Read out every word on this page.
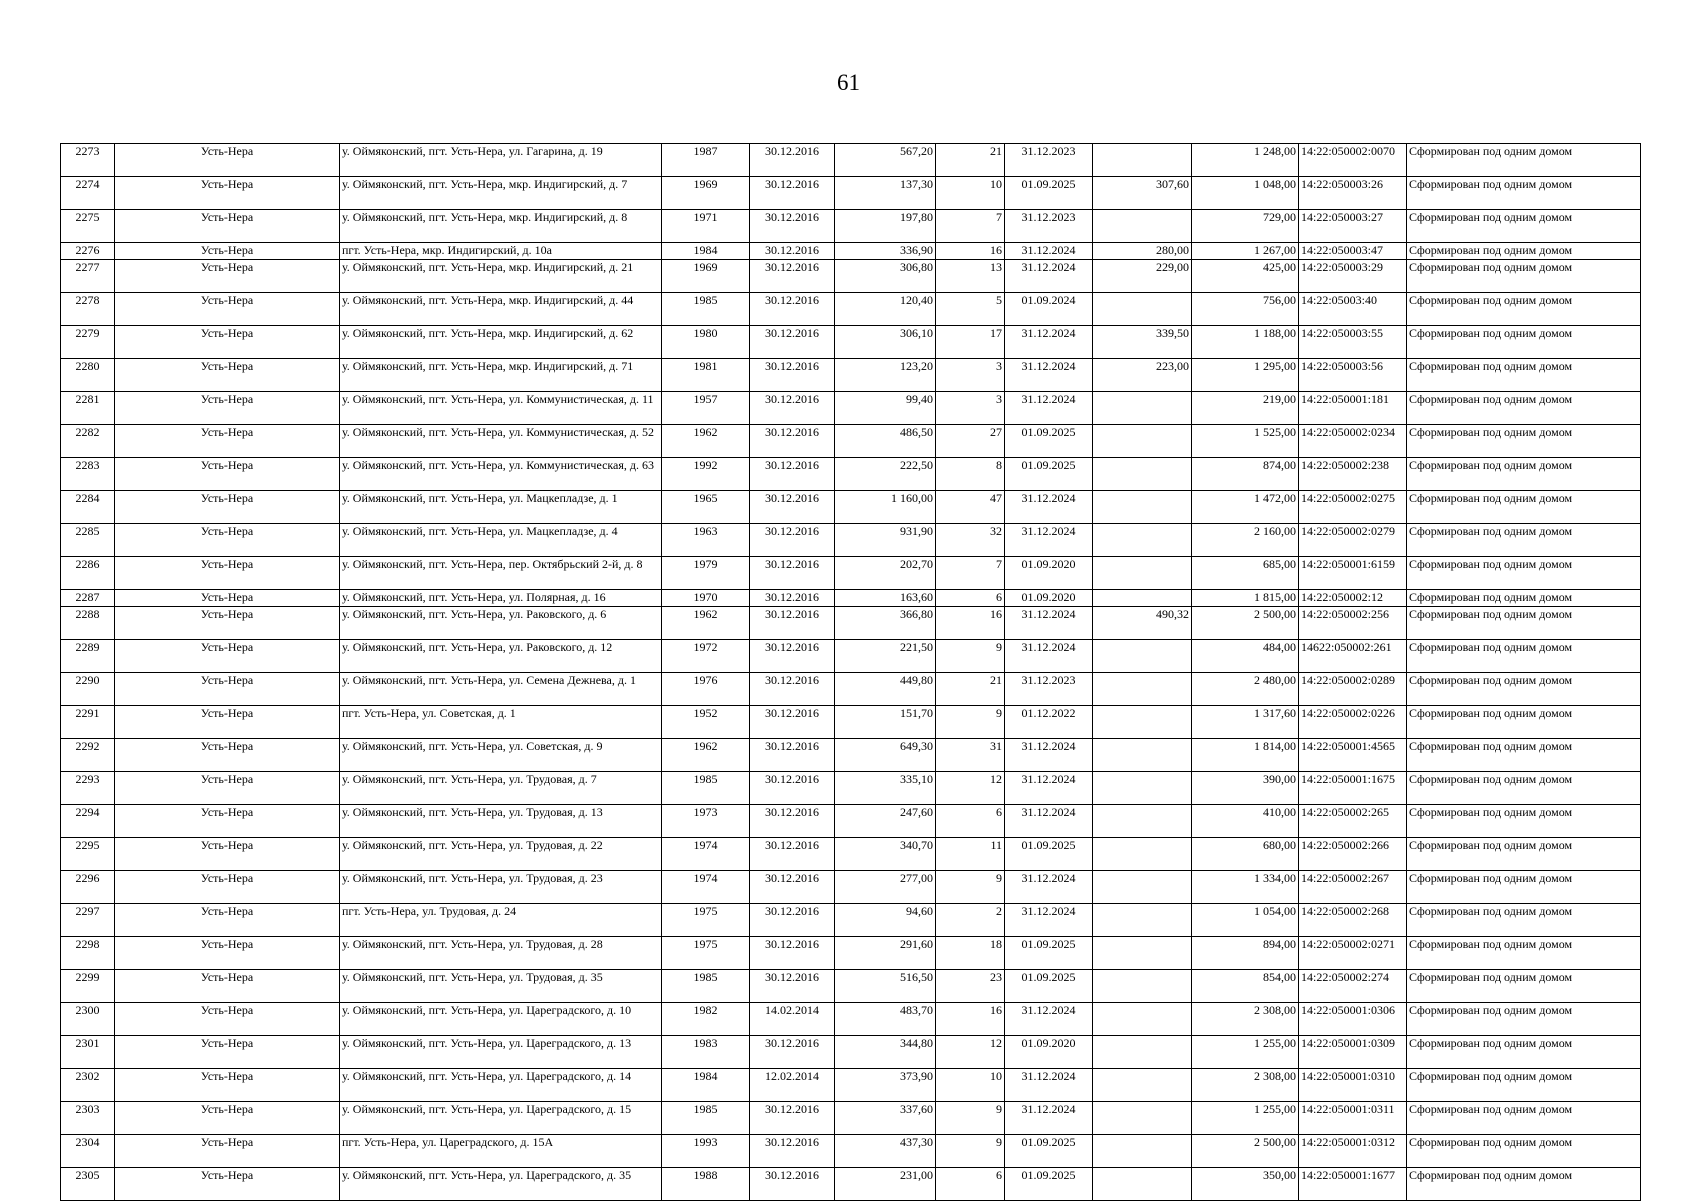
61
2273	Усть-Нера	у. Оймяконский, пгт. Усть-Нера, ул. Гагарина, д. 19	1987	30.12.2016	567,20	21	31.12.2023		1 248,00	14:22:050002:0070	Сформирован под одним домом
2274	Усть-Нера	у. Оймяконский, пгт. Усть-Нера, мкр. Индигирский, д. 7	1969	30.12.2016	137,30	10	01.09.2025	307,60	1 048,00	14:22:050003:26	Сформирован под одним домом
2275	Усть-Нера	у. Оймяконский, пгт. Усть-Нера, мкр. Индигирский, д. 8	1971	30.12.2016	197,80	7	31.12.2023		729,00	14:22:050003:27	Сформирован под одним домом
2276	Усть-Нера	пгт. Усть-Нера, мкр. Индигирский, д. 10а	1984	30.12.2016	336,90	16	31.12.2024	280,00	1 267,00	14:22:050003:47	Сформирован под одним домом
2277	Усть-Нера	у. Оймяконский, пгт. Усть-Нера, мкр. Индигирский, д. 21	1969	30.12.2016	306,80	13	31.12.2024	229,00	425,00	14:22:050003:29	Сформирован под одним домом
2278	Усть-Нера	у. Оймяконский, пгт. Усть-Нера, мкр. Индигирский, д. 44	1985	30.12.2016	120,40	5	01.09.2024		756,00	14:22:05003:40	Сформирован под одним домом
2279	Усть-Нера	у. Оймяконский, пгт. Усть-Нера, мкр. Индигирский, д. 62	1980	30.12.2016	306,10	17	31.12.2024	339,50	1 188,00	14:22:050003:55	Сформирован под одним домом
2280	Усть-Нера	у. Оймяконский, пгт. Усть-Нера, мкр. Индигирский, д. 71	1981	30.12.2016	123,20	3	31.12.2024	223,00	1 295,00	14:22:050003:56	Сформирован под одним домом
2281	Усть-Нера	у. Оймяконский, пгт. Усть-Нера, ул. Коммунистическая, д. 11	1957	30.12.2016	99,40	3	31.12.2024		219,00	14:22:050001:181	Сформирован под одним домом
2282	Усть-Нера	у. Оймяконский, пгт. Усть-Нера, ул. Коммунистическая, д. 52	1962	30.12.2016	486,50	27	01.09.2025		1 525,00	14:22:050002:0234	Сформирован под одним домом
2283	Усть-Нера	у. Оймяконский, пгт. Усть-Нера, ул. Коммунистическая, д. 63	1992	30.12.2016	222,50	8	01.09.2025		874,00	14:22:050002:238	Сформирован под одним домом
2284	Усть-Нера	у. Оймяконский, пгт. Усть-Нера, ул. Мацкепладзе, д. 1	1965	30.12.2016	1 160,00	47	31.12.2024		1 472,00	14:22:050002:0275	Сформирован под одним домом
2285	Усть-Нера	у. Оймяконский, пгт. Усть-Нера, ул. Мацкепладзе, д. 4	1963	30.12.2016	931,90	32	31.12.2024		2 160,00	14:22:050002:0279	Сформирован под одним домом
2286	Усть-Нера	у. Оймяконский, пгт. Усть-Нера, пер. Октябрьский 2-й, д. 8	1979	30.12.2016	202,70	7	01.09.2020		685,00	14:22:050001:6159	Сформирован под одним домом
2287	Усть-Нера	у. Оймяконский, пгт. Усть-Нера, ул. Полярная, д. 16	1970	30.12.2016	163,60	6	01.09.2020		1 815,00	14:22:050002:12	Сформирован под одним домом
2288	Усть-Нера	у. Оймяконский, пгт. Усть-Нера, ул. Раковского, д. 6	1962	30.12.2016	366,80	16	31.12.2024	490,32	2 500,00	14:22:050002:256	Сформирован под одним домом
2289	Усть-Нера	у. Оймяконский, пгт. Усть-Нера, ул. Раковского, д. 12	1972	30.12.2016	221,50	9	31.12.2024		484,00	14622:050002:261	Сформирован под одним домом
2290	Усть-Нера	у. Оймяконский, пгт. Усть-Нера, ул. Семена Дежнева, д. 1	1976	30.12.2016	449,80	21	31.12.2023		2 480,00	14:22:050002:0289	Сформирован под одним домом
2291	Усть-Нера	пгт. Усть-Нера, ул. Советская, д. 1	1952	30.12.2016	151,70	9	01.12.2022		1 317,60	14:22:050002:0226	Сформирован под одним домом
2292	Усть-Нера	у. Оймяконский, пгт. Усть-Нера, ул. Советская, д. 9	1962	30.12.2016	649,30	31	31.12.2024		1 814,00	14:22:050001:4565	Сформирован под одним домом
2293	Усть-Нера	у. Оймяконский, пгт. Усть-Нера, ул. Трудовая, д. 7	1985	30.12.2016	335,10	12	31.12.2024		390,00	14:22:050001:1675	Сформирован под одним домом
2294	Усть-Нера	у. Оймяконский, пгт. Усть-Нера, ул. Трудовая, д. 13	1973	30.12.2016	247,60	6	31.12.2024		410,00	14:22:050002:265	Сформирован под одним домом
2295	Усть-Нера	у. Оймяконский, пгт. Усть-Нера, ул. Трудовая, д. 22	1974	30.12.2016	340,70	11	01.09.2025		680,00	14:22:050002:266	Сформирован под одним домом
2296	Усть-Нера	у. Оймяконский, пгт. Усть-Нера, ул. Трудовая, д. 23	1974	30.12.2016	277,00	9	31.12.2024		1 334,00	14:22:050002:267	Сформирован под одним домом
2297	Усть-Нера	пгт. Усть-Нера, ул. Трудовая, д. 24	1975	30.12.2016	94,60	2	31.12.2024		1 054,00	14:22:050002:268	Сформирован под одним домом
2298	Усть-Нера	у. Оймяконский, пгт. Усть-Нера, ул. Трудовая, д. 28	1975	30.12.2016	291,60	18	01.09.2025		894,00	14:22:050002:0271	Сформирован под одним домом
2299	Усть-Нера	у. Оймяконский, пгт. Усть-Нера, ул. Трудовая, д. 35	1985	30.12.2016	516,50	23	01.09.2025		854,00	14:22:050002:274	Сформирован под одним домом
2300	Усть-Нера	у. Оймяконский, пгт. Усть-Нера, ул. Цареградского, д. 10	1982	14.02.2014	483,70	16	31.12.2024		2 308,00	14:22:050001:0306	Сформирован под одним домом
2301	Усть-Нера	у. Оймяконский, пгт. Усть-Нера, ул. Цареградского, д. 13	1983	30.12.2016	344,80	12	01.09.2020		1 255,00	14:22:050001:0309	Сформирован под одним домом
2302	Усть-Нера	у. Оймяконский, пгт. Усть-Нера, ул. Цареградского, д. 14	1984	12.02.2014	373,90	10	31.12.2024		2 308,00	14:22:050001:0310	Сформирован под одним домом
2303	Усть-Нера	у. Оймяконский, пгт. Усть-Нера, ул. Цареградского, д. 15	1985	30.12.2016	337,60	9	31.12.2024		1 255,00	14:22:050001:0311	Сформирован под одним домом
2304	Усть-Нера	пгт. Усть-Нера, ул. Цареградского, д. 15А	1993	30.12.2016	437,30	9	01.09.2025		2 500,00	14:22:050001:0312	Сформирован под одним домом
2305	Усть-Нера	у. Оймяконский, пгт. Усть-Нера, ул. Цареградского, д. 35	1988	30.12.2016	231,00	6	01.09.2025		350,00	14:22:050001:1677	Сформирован под одним домом
